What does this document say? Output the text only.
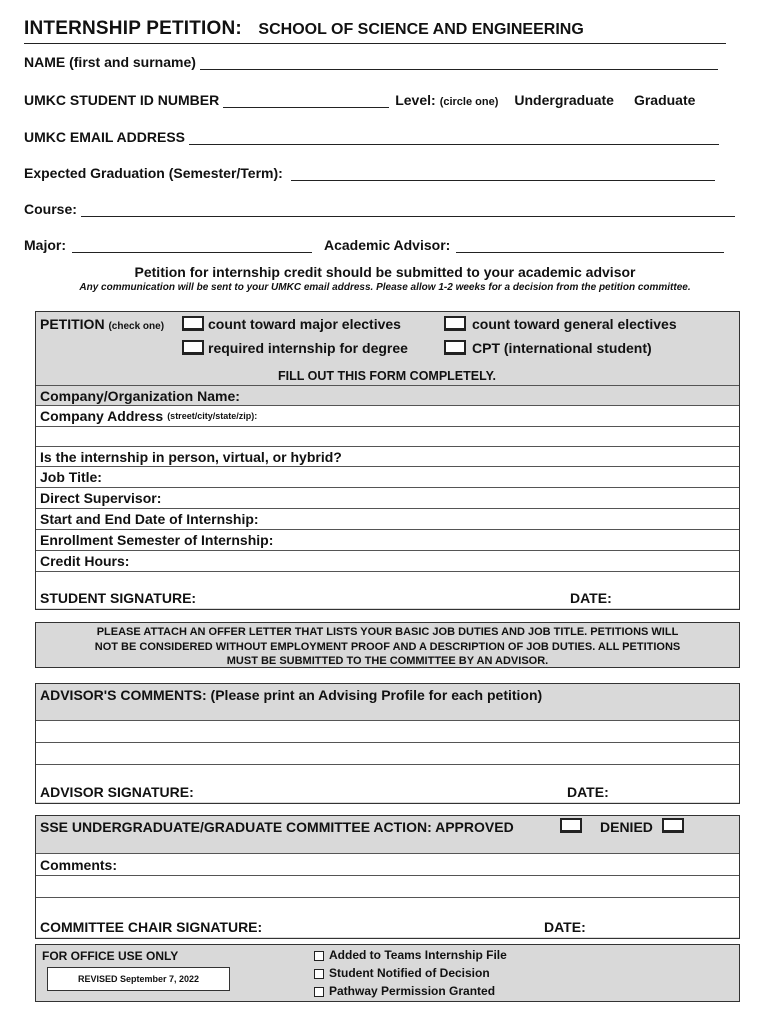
INTERNSHIP PETITION: SCHOOL OF SCIENCE AND ENGINEERING
NAME (first and surname)
UMKC STUDENT ID NUMBER	Level: (circle one) Undergraduate Graduate
UMKC EMAIL ADDRESS
Expected Graduation (Semester/Term):
Course:
Major:	Academic Advisor:
Petition for internship credit should be submitted to your academic advisor
Any communication will be sent to your UMKC email address. Please allow 1-2 weeks for a decision from the petition committee.
PETITION (check one)	count toward major electives	count toward general electives
required internship for degree	CPT (international student)
FILL OUT THIS FORM COMPLETELY.
Company/Organization Name:
Company Address (street/city/state/zip):
Is the internship in person, virtual, or hybrid?
Job Title:
Direct Supervisor:
Start and End Date of Internship:
Enrollment Semester of Internship:
Credit Hours:
STUDENT SIGNATURE:	DATE:
PLEASE ATTACH AN OFFER LETTER THAT LISTS YOUR BASIC JOB DUTIES AND JOB TITLE. PETITIONS WILL
NOT BE CONSIDERED WITHOUT EMPLOYMENT PROOF AND A DESCRIPTION OF JOB DUTIES. ALL PETITIONS
MUST BE SUBMITTED TO THE COMMITTEE BY AN ADVISOR.
ADVISOR'S COMMENTS: (Please print an Advising Profile for each petition)
ADVISOR SIGNATURE:	DATE:
SSE UNDERGRADUATE/GRADUATE COMMITTEE ACTION: APPROVED	DENIED
Comments:
COMMITTEE CHAIR SIGNATURE:	DATE:
FOR OFFICE USE ONLY
REVISED September 7, 2022
Added to Teams Internship File
Student Notified of Decision
Pathway Permission Granted
